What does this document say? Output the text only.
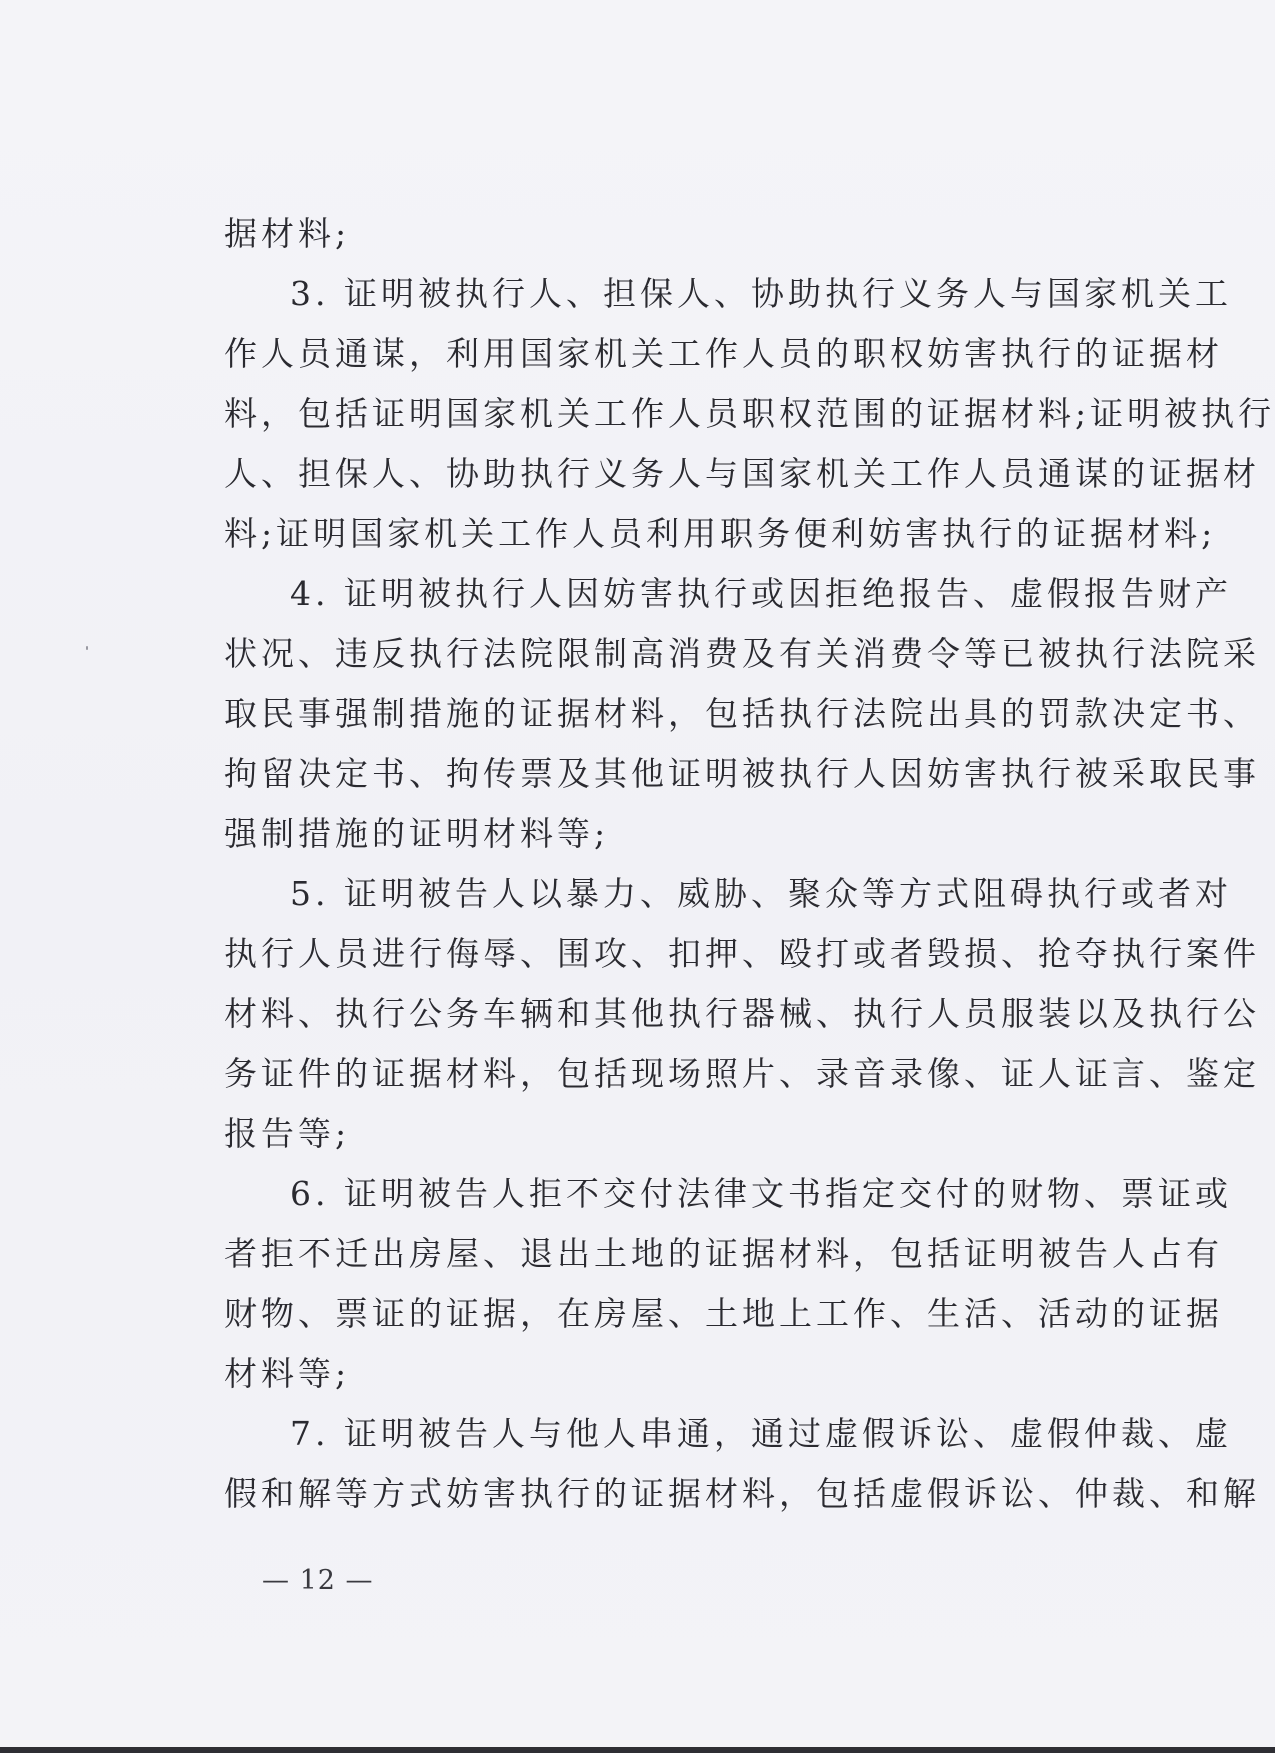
据材料;
3. 证明被执行人、担保人、协助执行义务人与国家机关工
作人员通谋，利用国家机关工作人员的职权妨害执行的证据材
料，包括证明国家机关工作人员职权范围的证据材料;证明被执行
人、担保人、协助执行义务人与国家机关工作人员通谋的证据材
料;证明国家机关工作人员利用职务便利妨害执行的证据材料;
4. 证明被执行人因妨害执行或因拒绝报告、虚假报告财产
状况、违反执行法院限制高消费及有关消费令等已被执行法院采
取民事强制措施的证据材料，包括执行法院出具的罚款决定书、
拘留决定书、拘传票及其他证明被执行人因妨害执行被采取民事
强制措施的证明材料等;
5. 证明被告人以暴力、威胁、聚众等方式阻碍执行或者对
执行人员进行侮辱、围攻、扣押、殴打或者毁损、抢夺执行案件
材料、执行公务车辆和其他执行器械、执行人员服装以及执行公
务证件的证据材料，包括现场照片、录音录像、证人证言、鉴定
报告等;
6. 证明被告人拒不交付法律文书指定交付的财物、票证或
者拒不迁出房屋、退出土地的证据材料，包括证明被告人占有
财物、票证的证据，在房屋、土地上工作、生活、活动的证据
材料等;
7. 证明被告人与他人串通，通过虚假诉讼、虚假仲裁、虚
假和解等方式妨害执行的证据材料，包括虚假诉讼、仲裁、和解
— 12 —
